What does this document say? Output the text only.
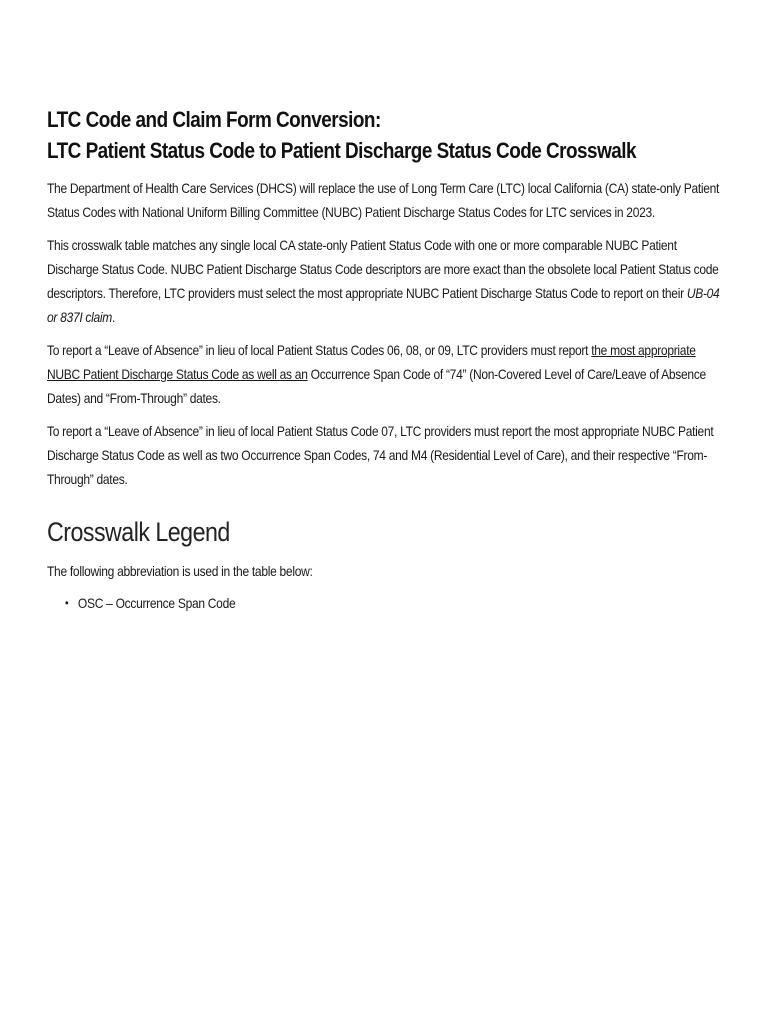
LTC Code and Claim Form Conversion:
LTC Patient Status Code to Patient Discharge Status Code Crosswalk

The Department of Health Care Services (DHCS) will replace the use of Long Term Care (LTC) local California (CA) state-only Patient Status Codes with National Uniform Billing Committee (NUBC) Patient Discharge Status Codes for LTC services in 2023.

This crosswalk table matches any single local CA state-only Patient Status Code with one or more comparable NUBC Patient Discharge Status Code. NUBC Patient Discharge Status Code descriptors are more exact than the obsolete local Patient Status code descriptors. Therefore, LTC providers must select the most appropriate NUBC Patient Discharge Status Code to report on their UB-04 or 837I claim.

To report a “Leave of Absence” in lieu of local Patient Status Codes 06, 08, or 09, LTC providers must report the most appropriate NUBC Patient Discharge Status Code as well as an Occurrence Span Code of “74” (Non-Covered Level of Care/Leave of Absence Dates) and “From-Through” dates.

To report a “Leave of Absence” in lieu of local Patient Status Code 07, LTC providers must report the most appropriate NUBC Patient Discharge Status Code as well as two Occurrence Span Codes, 74 and M4 (Residential Level of Care), and their respective “From-Through” dates.

Crosswalk Legend

The following abbreviation is used in the table below:

• OSC – Occurrence Span Code
